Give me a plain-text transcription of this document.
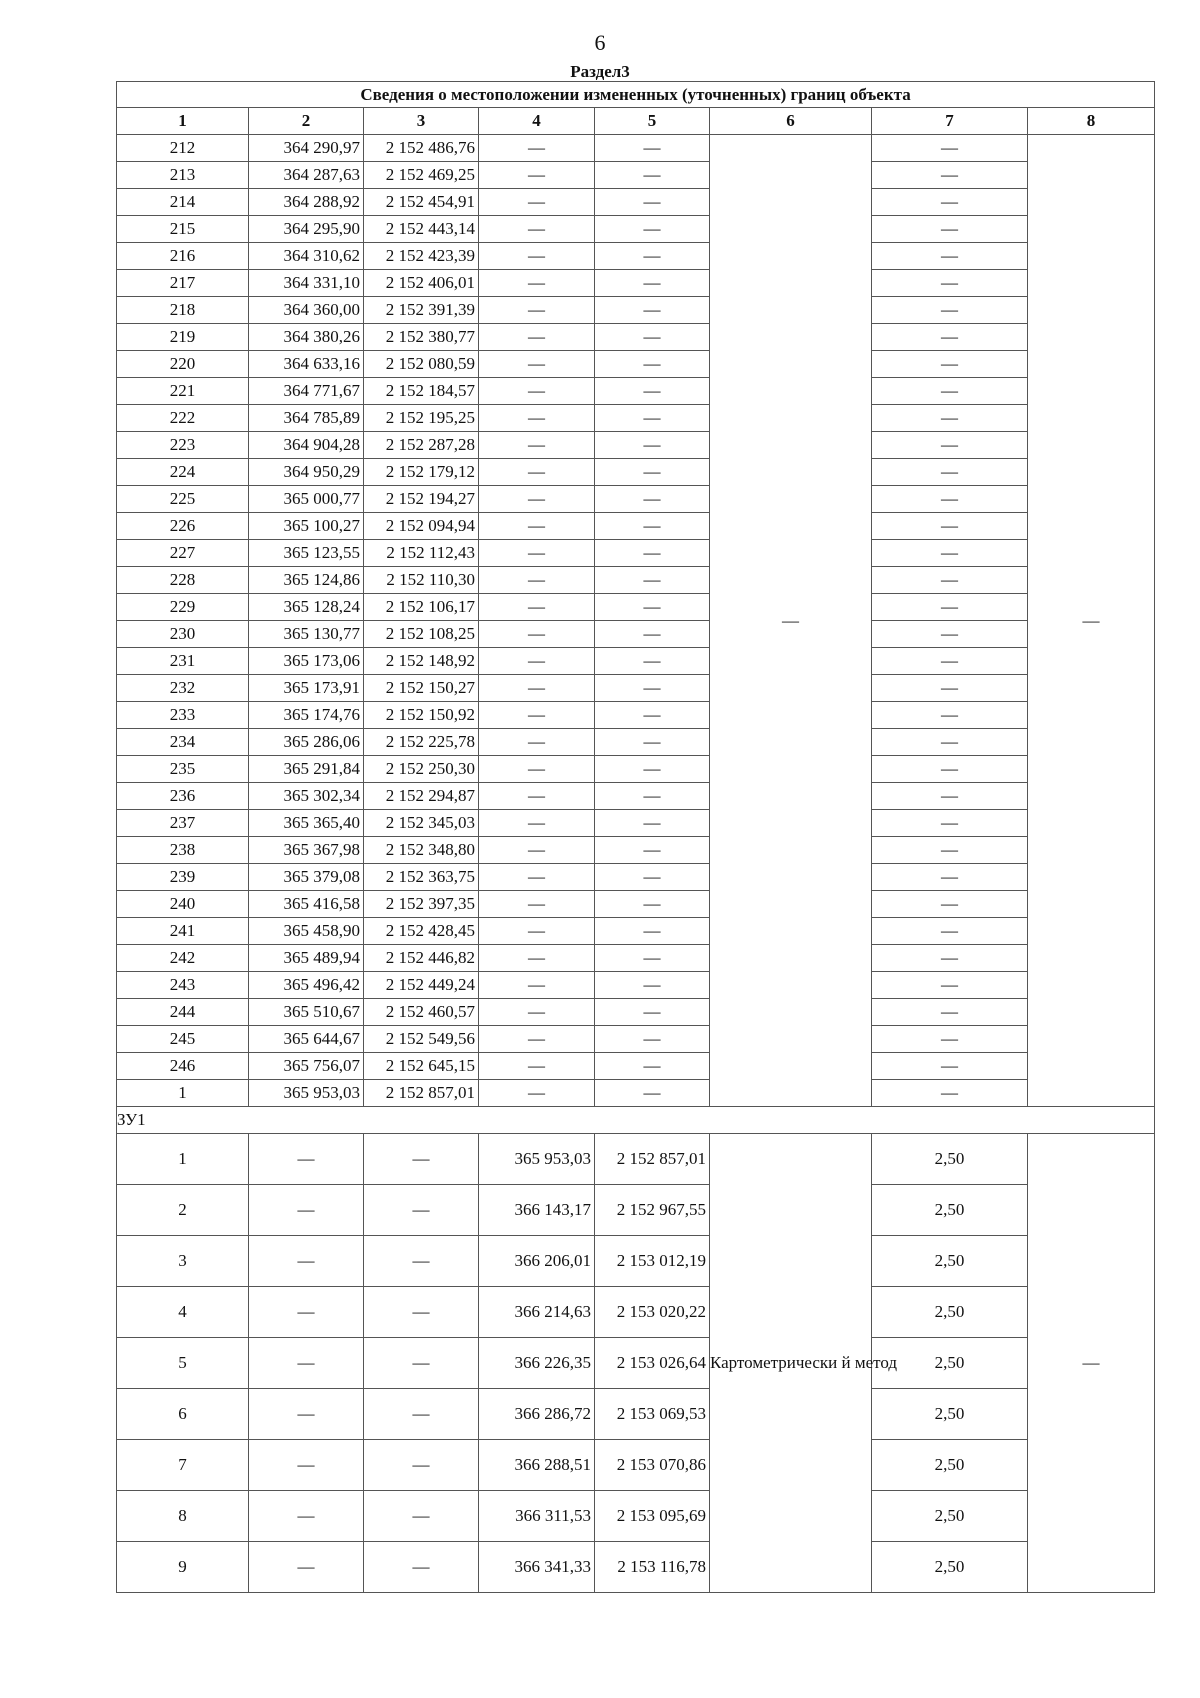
6
Раздел3
Сведения о местоположении измененных (уточненных) границ объекта							
1	2	3	4	5	6	7	8
212	364 290,97	2 152 486,76	—	—	—	—	—
213	364 287,63	2 152 469,25	—	—		—	
214	364 288,92	2 152 454,91	—	—		—	
215	364 295,90	2 152 443,14	—	—		—	
216	364 310,62	2 152 423,39	—	—		—	
217	364 331,10	2 152 406,01	—	—		—	
218	364 360,00	2 152 391,39	—	—		—	
219	364 380,26	2 152 380,77	—	—		—	
220	364 633,16	2 152 080,59	—	—		—	
221	364 771,67	2 152 184,57	—	—		—	
222	364 785,89	2 152 195,25	—	—		—	
223	364 904,28	2 152 287,28	—	—		—	
224	364 950,29	2 152 179,12	—	—		—	
225	365 000,77	2 152 194,27	—	—		—	
226	365 100,27	2 152 094,94	—	—		—	
227	365 123,55	2 152 112,43	—	—		—	
228	365 124,86	2 152 110,30	—	—		—	
229	365 128,24	2 152 106,17	—	—		—	
230	365 130,77	2 152 108,25	—	—		—	
231	365 173,06	2 152 148,92	—	—		—	
232	365 173,91	2 152 150,27	—	—		—	
233	365 174,76	2 152 150,92	—	—		—	
234	365 286,06	2 152 225,78	—	—		—	
235	365 291,84	2 152 250,30	—	—		—	
236	365 302,34	2 152 294,87	—	—		—	
237	365 365,40	2 152 345,03	—	—		—	
238	365 367,98	2 152 348,80	—	—		—	
239	365 379,08	2 152 363,75	—	—		—	
240	365 416,58	2 152 397,35	—	—		—	
241	365 458,90	2 152 428,45	—	—		—	
242	365 489,94	2 152 446,82	—	—		—	
243	365 496,42	2 152 449,24	—	—		—	
244	365 510,67	2 152 460,57	—	—		—	
245	365 644,67	2 152 549,56	—	—		—	
246	365 756,07	2 152 645,15	—	—		—	
1	365 953,03	2 152 857,01	—	—		—	
ЗУ1							
1	—	—	365 953,03	2 152 857,01	Картометрически й метод	2,50	—
2	—	—	366 143,17	2 152 967,55		2,50	
3	—	—	366 206,01	2 153 012,19		2,50	
4	—	—	366 214,63	2 153 020,22		2,50	
5	—	—	366 226,35	2 153 026,64		2,50	
6	—	—	366 286,72	2 153 069,53		2,50	
7	—	—	366 288,51	2 153 070,86		2,50	
8	—	—	366 311,53	2 153 095,69		2,50	
9	—	—	366 341,33	2 153 116,78		2,50	
